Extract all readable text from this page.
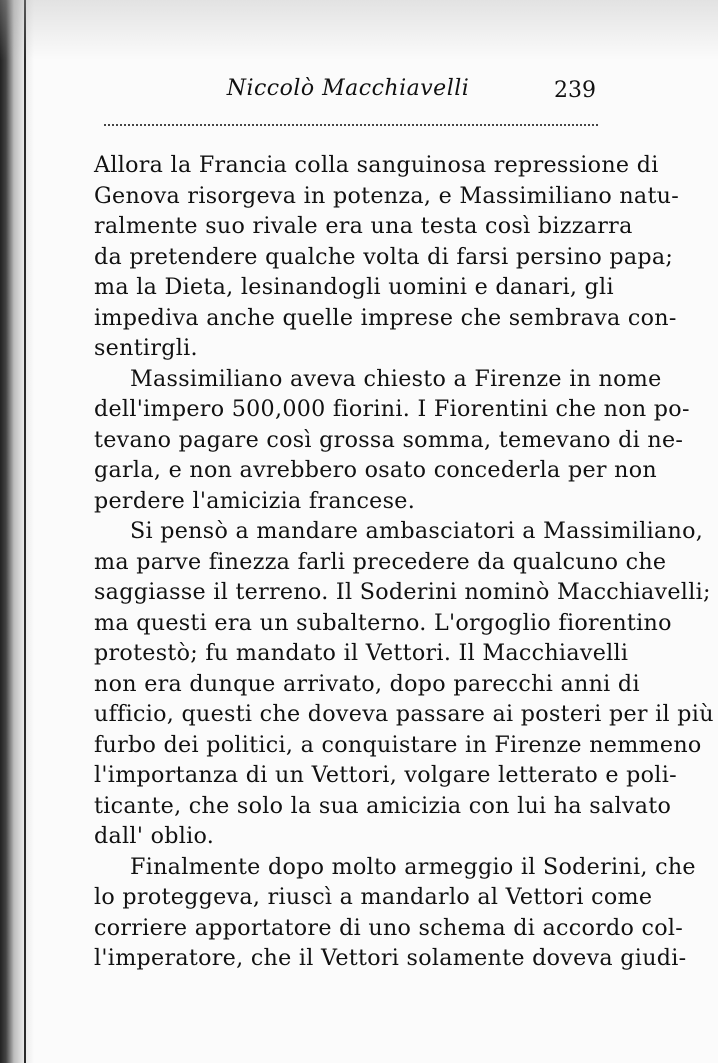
Niccolò Macchiavelli	239
Allora la Francia colla sanguinosa repressione di
Genova risorgeva in potenza, e Massimiliano natu-
ralmente suo rivale era una testa così bizzarra
da pretendere qualche volta di farsi persino papa;
ma la Dieta, lesinandogli uomini e danari, gli
impediva anche quelle imprese che sembrava con-
sentirgli.
Massimiliano aveva chiesto a Firenze in nome
dell'impero 500,000 fiorini. I Fiorentini che non po-
tevano pagare così grossa somma, temevano di ne-
garla, e non avrebbero osato concederla per non
perdere l'amicizia francese.
Si pensò a mandare ambasciatori a Massimiliano,
ma parve finezza farli precedere da qualcuno che
saggiasse il terreno. Il Soderini nominò Macchiavelli;
ma questi era un subalterno. L'orgoglio fiorentino
protestò; fu mandato il Vettori. Il Macchiavelli
non era dunque arrivato, dopo parecchi anni di
ufficio, questi che doveva passare ai posteri per il più
furbo dei politici, a conquistare in Firenze nemmeno
l'importanza di un Vettori, volgare letterato e poli-
ticante, che solo la sua amicizia con lui ha salvato
dall' oblio.
Finalmente dopo molto armeggio il Soderini, che
lo proteggeva, riuscì a mandarlo al Vettori come
corriere apportatore di uno schema di accordo col-
l'imperatore, che il Vettori solamente doveva giudi-
